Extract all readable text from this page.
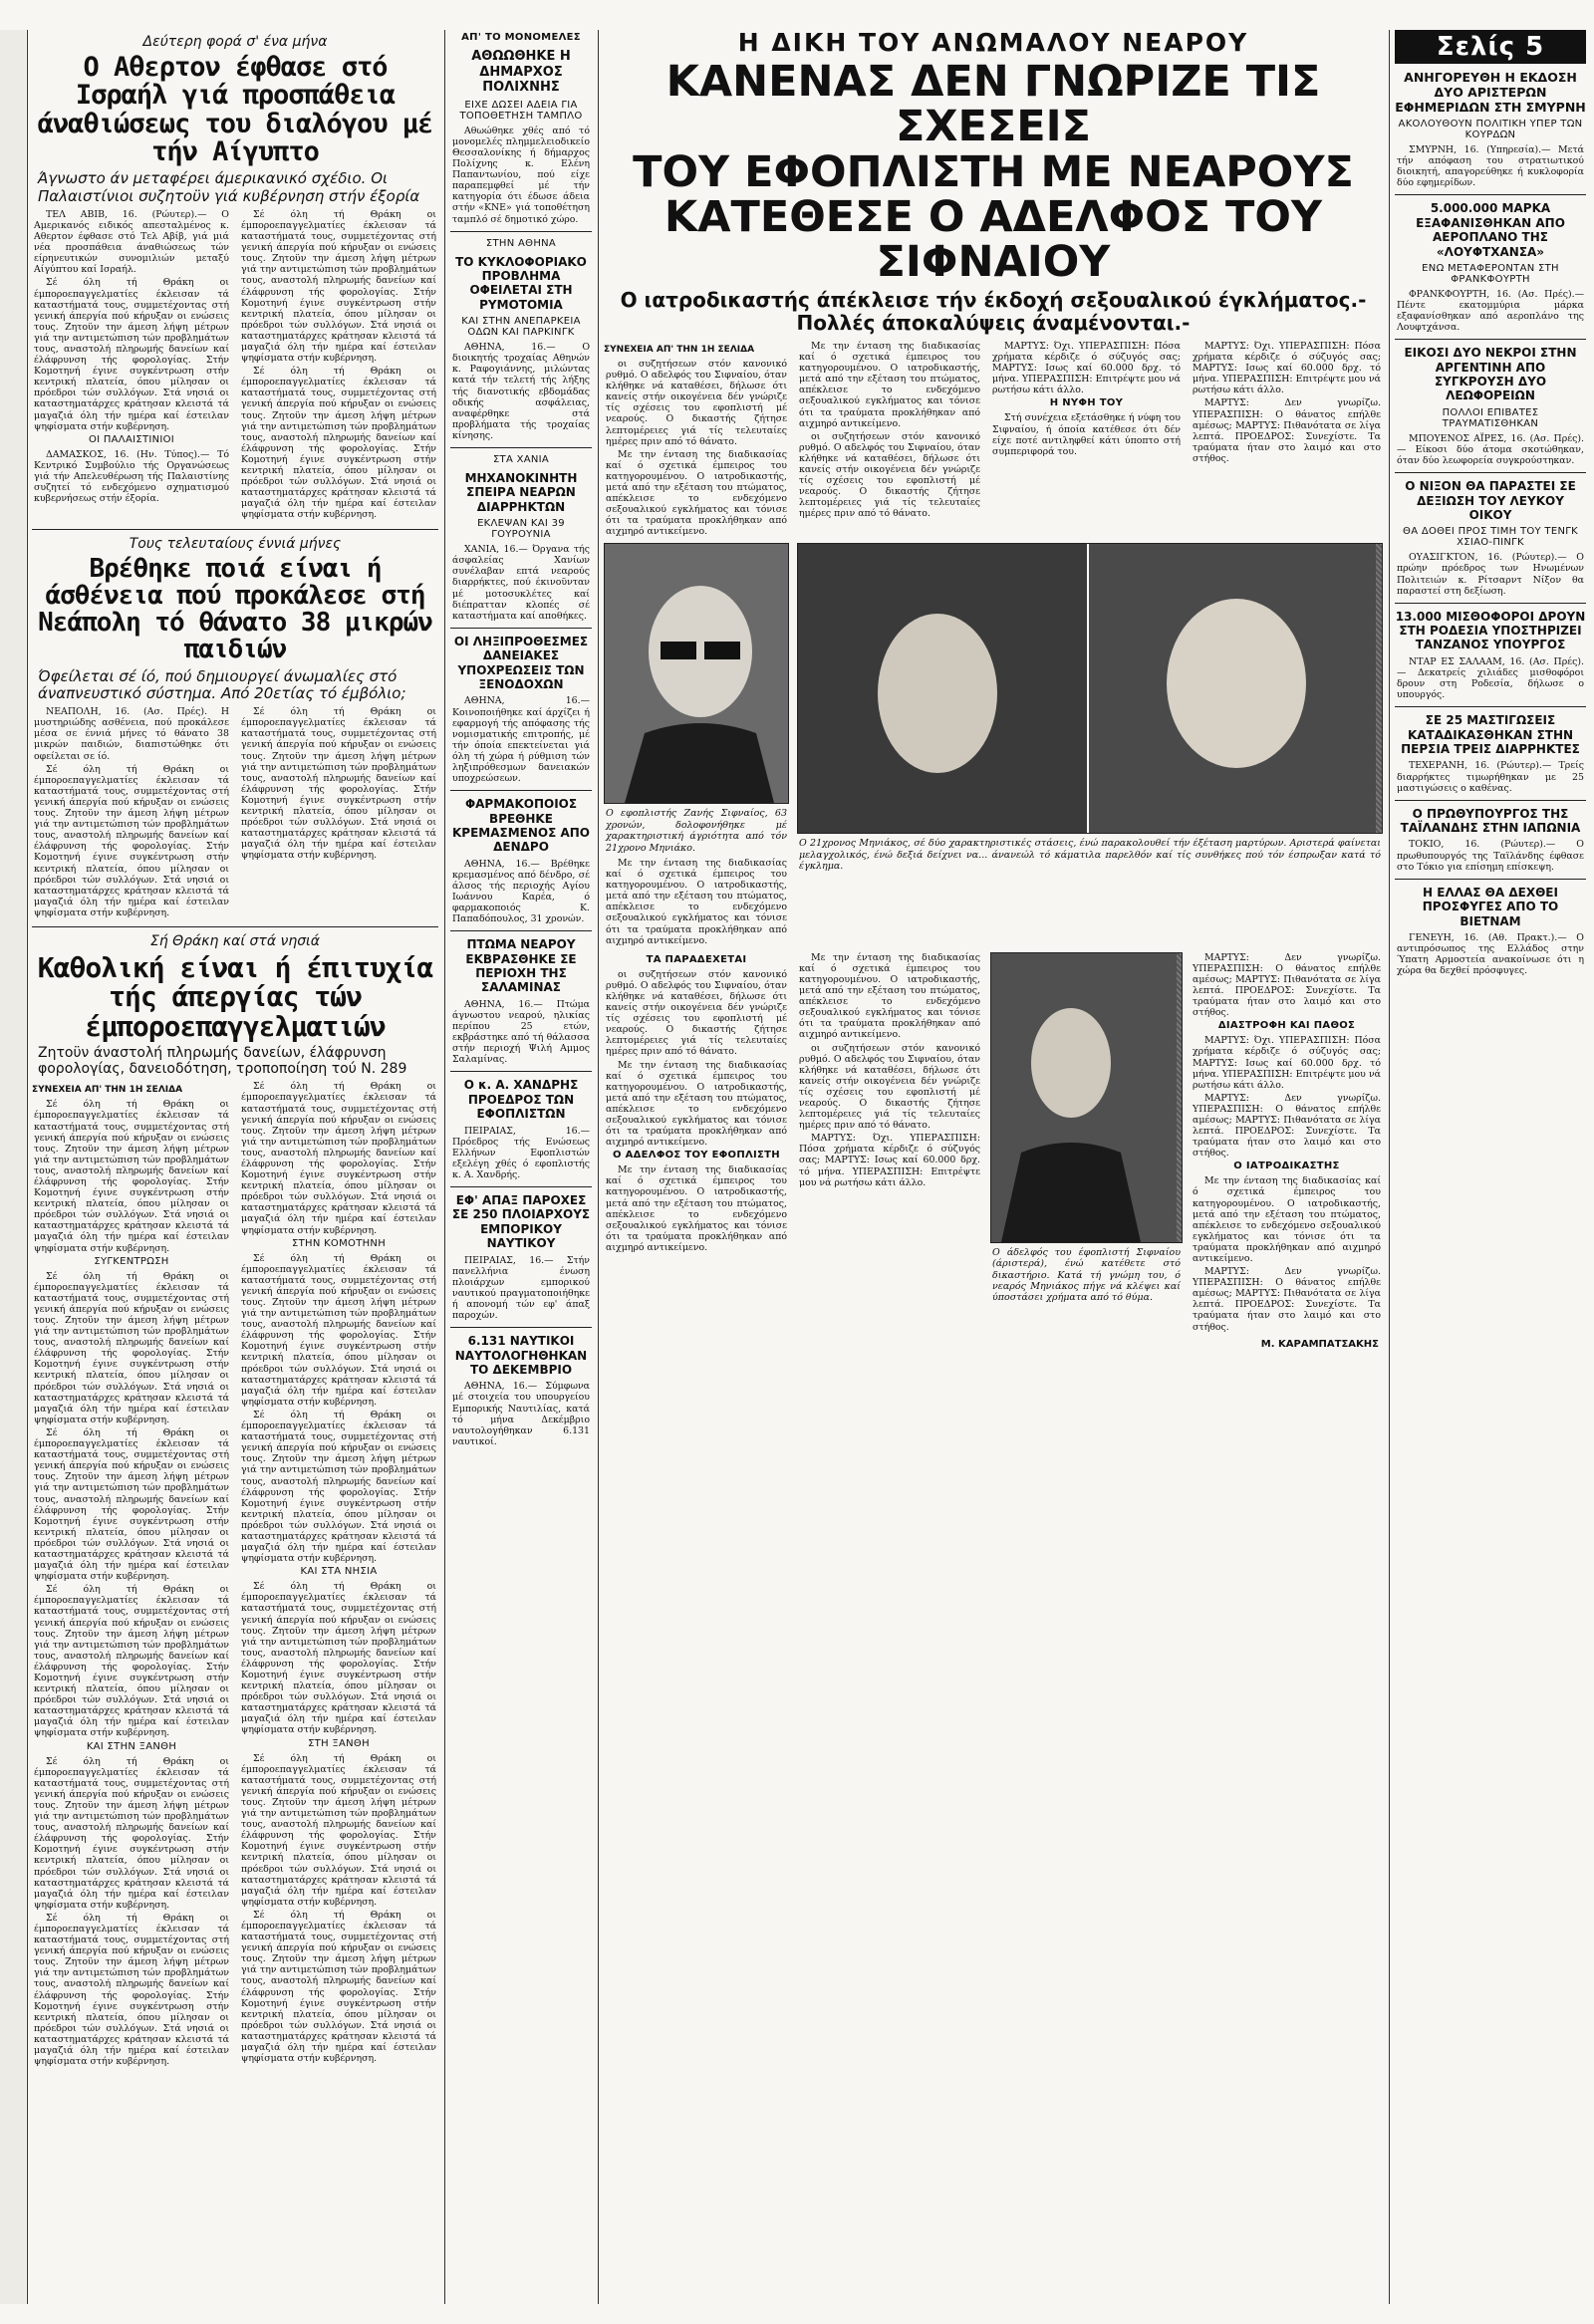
Δεύτερη φορά σ' ένα μήνα
Ο Αθερτον έφθασε στό Ισραήλ γιά προσπάθεια άναθιώσεως του διαλόγου μέ τήν Αίγυπτο
Άγνωστο άν μεταφέρει άμερικανικό σχέδιο. Οι Παλαιστίνιοι συζητοϋν γιά κυβέρνηση στήν έξορία

ΤΕΛ ΑΒΙΒ, 16. (Ρώυτερ).— Ο Αμερικανός ειδικός απεσταλμένος κ. Αθερτον έφθασε στό Τελ Αβίβ, γιά μιά νέα προσπάθεια άναθιώσεως τών είρηνευτικών συνομιλιών μεταξύ Αίγύπτου καί Ισραήλ.

Σέ όλη τή Θράκη οι έμποροεπαγγελματίες έκλεισαν τά καταστήματά τους, συμμετέχοντας στή γενική άπεργία πού κήρυξαν οι ενώσεις τους. Ζητοϋν την άμεση λήψη μέτρων γιά την αντιμετώπιση τών προβλημάτων τους, αναστολή πληρωμής δανείων καί έλάφρυνση τής φορολογίας. Στήν Κομοτηνή έγινε συγκέντρωση στήν κεντρική πλατεία, όπου μίλησαν οι πρόεδροι τών συλλόγων. Στά νησιά οι καταστηματάρχες κράτησαν κλειστά τά μαγαζιά όλη τήν ημέρα καί έστειλαν ψηφίσματα στήν κυβέρνηση.

ΟΙ ΠΑΛΑΙΣΤΙΝΙΟΙ

ΔΑΜΑΣΚΟΣ, 16. (Ην. Τύπος).— Τό Κεντρικό Συμβούλιο τής Οργανώσεως γιά τήν Απελευθέρωση τής Παλαιστίνης συζητεί τό ενδεχόμενο σχηματισμού κυβερνήσεως στήν έξορία.

Σέ όλη τή Θράκη οι έμποροεπαγγελματίες έκλεισαν τά καταστήματά τους, συμμετέχοντας στή γενική άπεργία πού κήρυξαν οι ενώσεις τους. Ζητοϋν την άμεση λήψη μέτρων γιά την αντιμετώπιση τών προβλημάτων τους, αναστολή πληρωμής δανείων καί έλάφρυνση τής φορολογίας. Στήν Κομοτηνή έγινε συγκέντρωση στήν κεντρική πλατεία, όπου μίλησαν οι πρόεδροι τών συλλόγων. Στά νησιά οι καταστηματάρχες κράτησαν κλειστά τά μαγαζιά όλη τήν ημέρα καί έστειλαν ψηφίσματα στήν κυβέρνηση.

Σέ όλη τή Θράκη οι έμποροεπαγγελματίες έκλεισαν τά καταστήματά τους, συμμετέχοντας στή γενική άπεργία πού κήρυξαν οι ενώσεις τους. Ζητοϋν την άμεση λήψη μέτρων γιά την αντιμετώπιση τών προβλημάτων τους, αναστολή πληρωμής δανείων καί έλάφρυνση τής φορολογίας. Στήν Κομοτηνή έγινε συγκέντρωση στήν κεντρική πλατεία, όπου μίλησαν οι πρόεδροι τών συλλόγων. Στά νησιά οι καταστηματάρχες κράτησαν κλειστά τά μαγαζιά όλη τήν ημέρα καί έστειλαν ψηφίσματα στήν κυβέρνηση.

Τους τελευταίους έννιά μήνες
Βρέθηκε ποιά είναι ή άσθένεια πού προκάλεσε στή Νεάπολη τό θάνατο 38 μικρών παιδιών
Όφείλεται σέ ίό, πού δημιουργεί άνωμαλίες στό άναπνευστικό σύστημα. Από 20ετίας τό έμβόλιο;

ΝΕΑΠΟΛΗ, 16. (Ασ. Πρές). Η μυστηριώδης ασθένεια, πού προκάλεσε μέσα σε έννιά μήνες τό θάνατο 38 μικρών παιδιών, διαπιστώθηκε ότι οφείλεται σε ίό.

Σέ όλη τή Θράκη οι έμποροεπαγγελματίες έκλεισαν τά καταστήματά τους, συμμετέχοντας στή γενική άπεργία πού κήρυξαν οι ενώσεις τους. Ζητοϋν την άμεση λήψη μέτρων γιά την αντιμετώπιση τών προβλημάτων τους, αναστολή πληρωμής δανείων καί έλάφρυνση τής φορολογίας. Στήν Κομοτηνή έγινε συγκέντρωση στήν κεντρική πλατεία, όπου μίλησαν οι πρόεδροι τών συλλόγων. Στά νησιά οι καταστηματάρχες κράτησαν κλειστά τά μαγαζιά όλη τήν ημέρα καί έστειλαν ψηφίσματα στήν κυβέρνηση.

Σέ όλη τή Θράκη οι έμποροεπαγγελματίες έκλεισαν τά καταστήματά τους, συμμετέχοντας στή γενική άπεργία πού κήρυξαν οι ενώσεις τους. Ζητοϋν την άμεση λήψη μέτρων γιά την αντιμετώπιση τών προβλημάτων τους, αναστολή πληρωμής δανείων καί έλάφρυνση τής φορολογίας. Στήν Κομοτηνή έγινε συγκέντρωση στήν κεντρική πλατεία, όπου μίλησαν οι πρόεδροι τών συλλόγων. Στά νησιά οι καταστηματάρχες κράτησαν κλειστά τά μαγαζιά όλη τήν ημέρα καί έστειλαν ψηφίσματα στήν κυβέρνηση.

Σή Θράκη καί στά νησιά
Καθολική είναι ή έπιτυχία τής άπεργίας τών έμποροεπαγγελματιών
Ζητοϋν άναστολή πληρωμής δανείων, έλάφρυνση φορολογίας, δανειοδότηση, τροποποίηση τού Ν. 289
ΣΥΝΕΧΕΙΑ ΑΠ' ΤΗΝ 1Η ΣΕΛΙΔΑ

Σέ όλη τή Θράκη οι έμποροεπαγγελματίες έκλεισαν τά καταστήματά τους, συμμετέχοντας στή γενική άπεργία πού κήρυξαν οι ενώσεις τους. Ζητοϋν την άμεση λήψη μέτρων γιά την αντιμετώπιση τών προβλημάτων τους, αναστολή πληρωμής δανείων καί έλάφρυνση τής φορολογίας. Στήν Κομοτηνή έγινε συγκέντρωση στήν κεντρική πλατεία, όπου μίλησαν οι πρόεδροι τών συλλόγων. Στά νησιά οι καταστηματάρχες κράτησαν κλειστά τά μαγαζιά όλη τήν ημέρα καί έστειλαν ψηφίσματα στήν κυβέρνηση.

ΣΥΓΚΕΝΤΡΩΣΗ

Σέ όλη τή Θράκη οι έμποροεπαγγελματίες έκλεισαν τά καταστήματά τους, συμμετέχοντας στή γενική άπεργία πού κήρυξαν οι ενώσεις τους. Ζητοϋν την άμεση λήψη μέτρων γιά την αντιμετώπιση τών προβλημάτων τους, αναστολή πληρωμής δανείων καί έλάφρυνση τής φορολογίας. Στήν Κομοτηνή έγινε συγκέντρωση στήν κεντρική πλατεία, όπου μίλησαν οι πρόεδροι τών συλλόγων. Στά νησιά οι καταστηματάρχες κράτησαν κλειστά τά μαγαζιά όλη τήν ημέρα καί έστειλαν ψηφίσματα στήν κυβέρνηση.

Σέ όλη τή Θράκη οι έμποροεπαγγελματίες έκλεισαν τά καταστήματά τους, συμμετέχοντας στή γενική άπεργία πού κήρυξαν οι ενώσεις τους. Ζητοϋν την άμεση λήψη μέτρων γιά την αντιμετώπιση τών προβλημάτων τους, αναστολή πληρωμής δανείων καί έλάφρυνση τής φορολογίας. Στήν Κομοτηνή έγινε συγκέντρωση στήν κεντρική πλατεία, όπου μίλησαν οι πρόεδροι τών συλλόγων. Στά νησιά οι καταστηματάρχες κράτησαν κλειστά τά μαγαζιά όλη τήν ημέρα καί έστειλαν ψηφίσματα στήν κυβέρνηση.

Σέ όλη τή Θράκη οι έμποροεπαγγελματίες έκλεισαν τά καταστήματά τους, συμμετέχοντας στή γενική άπεργία πού κήρυξαν οι ενώσεις τους. Ζητοϋν την άμεση λήψη μέτρων γιά την αντιμετώπιση τών προβλημάτων τους, αναστολή πληρωμής δανείων καί έλάφρυνση τής φορολογίας. Στήν Κομοτηνή έγινε συγκέντρωση στήν κεντρική πλατεία, όπου μίλησαν οι πρόεδροι τών συλλόγων. Στά νησιά οι καταστηματάρχες κράτησαν κλειστά τά μαγαζιά όλη τήν ημέρα καί έστειλαν ψηφίσματα στήν κυβέρνηση.

ΚΑΙ ΣΤΗΝ ΞΑΝΘΗ

Σέ όλη τή Θράκη οι έμποροεπαγγελματίες έκλεισαν τά καταστήματά τους, συμμετέχοντας στή γενική άπεργία πού κήρυξαν οι ενώσεις τους. Ζητοϋν την άμεση λήψη μέτρων γιά την αντιμετώπιση τών προβλημάτων τους, αναστολή πληρωμής δανείων καί έλάφρυνση τής φορολογίας. Στήν Κομοτηνή έγινε συγκέντρωση στήν κεντρική πλατεία, όπου μίλησαν οι πρόεδροι τών συλλόγων. Στά νησιά οι καταστηματάρχες κράτησαν κλειστά τά μαγαζιά όλη τήν ημέρα καί έστειλαν ψηφίσματα στήν κυβέρνηση.

Σέ όλη τή Θράκη οι έμποροεπαγγελματίες έκλεισαν τά καταστήματά τους, συμμετέχοντας στή γενική άπεργία πού κήρυξαν οι ενώσεις τους. Ζητοϋν την άμεση λήψη μέτρων γιά την αντιμετώπιση τών προβλημάτων τους, αναστολή πληρωμής δανείων καί έλάφρυνση τής φορολογίας. Στήν Κομοτηνή έγινε συγκέντρωση στήν κεντρική πλατεία, όπου μίλησαν οι πρόεδροι τών συλλόγων. Στά νησιά οι καταστηματάρχες κράτησαν κλειστά τά μαγαζιά όλη τήν ημέρα καί έστειλαν ψηφίσματα στήν κυβέρνηση.

Σέ όλη τή Θράκη οι έμποροεπαγγελματίες έκλεισαν τά καταστήματά τους, συμμετέχοντας στή γενική άπεργία πού κήρυξαν οι ενώσεις τους. Ζητοϋν την άμεση λήψη μέτρων γιά την αντιμετώπιση τών προβλημάτων τους, αναστολή πληρωμής δανείων καί έλάφρυνση τής φορολογίας. Στήν Κομοτηνή έγινε συγκέντρωση στήν κεντρική πλατεία, όπου μίλησαν οι πρόεδροι τών συλλόγων. Στά νησιά οι καταστηματάρχες κράτησαν κλειστά τά μαγαζιά όλη τήν ημέρα καί έστειλαν ψηφίσματα στήν κυβέρνηση.

ΣΤΗΝ ΚΟΜΟΤΗΝΗ

Σέ όλη τή Θράκη οι έμποροεπαγγελματίες έκλεισαν τά καταστήματά τους, συμμετέχοντας στή γενική άπεργία πού κήρυξαν οι ενώσεις τους. Ζητοϋν την άμεση λήψη μέτρων γιά την αντιμετώπιση τών προβλημάτων τους, αναστολή πληρωμής δανείων καί έλάφρυνση τής φορολογίας. Στήν Κομοτηνή έγινε συγκέντρωση στήν κεντρική πλατεία, όπου μίλησαν οι πρόεδροι τών συλλόγων. Στά νησιά οι καταστηματάρχες κράτησαν κλειστά τά μαγαζιά όλη τήν ημέρα καί έστειλαν ψηφίσματα στήν κυβέρνηση.

Σέ όλη τή Θράκη οι έμποροεπαγγελματίες έκλεισαν τά καταστήματά τους, συμμετέχοντας στή γενική άπεργία πού κήρυξαν οι ενώσεις τους. Ζητοϋν την άμεση λήψη μέτρων γιά την αντιμετώπιση τών προβλημάτων τους, αναστολή πληρωμής δανείων καί έλάφρυνση τής φορολογίας. Στήν Κομοτηνή έγινε συγκέντρωση στήν κεντρική πλατεία, όπου μίλησαν οι πρόεδροι τών συλλόγων. Στά νησιά οι καταστηματάρχες κράτησαν κλειστά τά μαγαζιά όλη τήν ημέρα καί έστειλαν ψηφίσματα στήν κυβέρνηση.

ΚΑΙ ΣΤΑ ΝΗΣΙΑ

Σέ όλη τή Θράκη οι έμποροεπαγγελματίες έκλεισαν τά καταστήματά τους, συμμετέχοντας στή γενική άπεργία πού κήρυξαν οι ενώσεις τους. Ζητοϋν την άμεση λήψη μέτρων γιά την αντιμετώπιση τών προβλημάτων τους, αναστολή πληρωμής δανείων καί έλάφρυνση τής φορολογίας. Στήν Κομοτηνή έγινε συγκέντρωση στήν κεντρική πλατεία, όπου μίλησαν οι πρόεδροι τών συλλόγων. Στά νησιά οι καταστηματάρχες κράτησαν κλειστά τά μαγαζιά όλη τήν ημέρα καί έστειλαν ψηφίσματα στήν κυβέρνηση.

ΣΤΗ ΞΑΝΘΗ

Σέ όλη τή Θράκη οι έμποροεπαγγελματίες έκλεισαν τά καταστήματά τους, συμμετέχοντας στή γενική άπεργία πού κήρυξαν οι ενώσεις τους. Ζητοϋν την άμεση λήψη μέτρων γιά την αντιμετώπιση τών προβλημάτων τους, αναστολή πληρωμής δανείων καί έλάφρυνση τής φορολογίας. Στήν Κομοτηνή έγινε συγκέντρωση στήν κεντρική πλατεία, όπου μίλησαν οι πρόεδροι τών συλλόγων. Στά νησιά οι καταστηματάρχες κράτησαν κλειστά τά μαγαζιά όλη τήν ημέρα καί έστειλαν ψηφίσματα στήν κυβέρνηση.

Σέ όλη τή Θράκη οι έμποροεπαγγελματίες έκλεισαν τά καταστήματά τους, συμμετέχοντας στή γενική άπεργία πού κήρυξαν οι ενώσεις τους. Ζητοϋν την άμεση λήψη μέτρων γιά την αντιμετώπιση τών προβλημάτων τους, αναστολή πληρωμής δανείων καί έλάφρυνση τής φορολογίας. Στήν Κομοτηνή έγινε συγκέντρωση στήν κεντρική πλατεία, όπου μίλησαν οι πρόεδροι τών συλλόγων. Στά νησιά οι καταστηματάρχες κράτησαν κλειστά τά μαγαζιά όλη τήν ημέρα καί έστειλαν ψηφίσματα στήν κυβέρνηση.

ΑΠ' ΤΟ ΜΟΝΟΜΕΛΕΣ
ΑΘΩΩΘΗΚΕ Η ΔΗΜΑΡΧΟΣ ΠΟΛΙΧΝΗΣ
ΕΙΧΕ ΔΩΣΕΙ ΑΔΕΙΑ ΓΙΑ ΤΟΠΟΘΕΤΗΣΗ ΤΑΜΠΛΟ

Αθωώθηκε χθές από τό μονομελές πλημμελειοδικείο Θεσσαλονίκης ή δήμαρχος Πολίχνης κ. Ελένη Παπαντωνίου, πού είχε παραπεμφθεί μέ τήν κατηγορία ότι έδωσε άδεια στήν «ΚΝΕ» γιά τοποθέτηση ταμπλό σέ δημοτικό χώρο.

ΣΤΗΝ ΑΘΗΝΑ
ΤΟ ΚΥΚΛΟΦΟΡΙΑΚΟ ΠΡΟΒΛΗΜΑ ΟΦΕΙΛΕΤΑΙ ΣΤΗ ΡΥΜΟΤΟΜΙΑ
ΚΑΙ ΣΤΗΝ ΑΝΕΠΑΡΚΕΙΑ ΟΔΩΝ ΚΑΙ ΠΑΡΚΙΝΓΚ

ΑΘΗΝΑ, 16.— Ο διοικητής τροχαίας Αθηνών κ. Ραφογιάννης, μιλώντας κατά τήν τελετή τής λήξης τής διανοτικής εβδομάδας οδικής ασφάλειας, αναφέρθηκε στά προβλήματα τής τροχαίας κίνησης.

ΣΤΑ ΧΑΝΙΑ
ΜΗΧΑΝΟΚΙΝΗΤΗ ΣΠΕΙΡΑ ΝΕΑΡΩΝ ΔΙΑΡΡΗΚΤΩΝ
ΕΚΛΕΨΑΝ ΚΑΙ 39 ΓΟΥΡΟΥΝΙΑ

ΧΑΝΙΑ, 16.— Όργανα τής άσφαλείας Χανίων συνέλαβαν επτά νεαρούς διαρρήκτες, πού έκινοϋνταν μέ μοτοσυκλέτες καί διέπρατταν κλοπές σέ καταστήματα καί αποθήκες.

ΟΙ ΛΗΞΙΠΡΟΘΕΣΜΕΣ ΔΑΝΕΙΑΚΕΣ ΥΠΟΧΡΕΩΣΕΙΣ ΤΩΝ ΞΕΝΟΔΟΧΩΝ

ΑΘΗΝΑ, 16.— Κοινοποιήθηκε καί άρχίζει ή εφαρμογή τής απόφασης τής νομισματικής επιτροπής, μέ τήν όποία επεκτείνεται γιά όλη τή χώρα ή ρύθμιση τών ληξιπρόθεσμων δανειακών υποχρεώσεων.

ΦΑΡΜΑΚΟΠΟΙΟΣ ΒΡΕΘΗΚΕ ΚΡΕΜΑΣΜΕΝΟΣ ΑΠΟ ΔΕΝΔΡΟ

ΑΘΗΝΑ, 16.— Βρέθηκε κρεμασμένος από δένδρο, σέ άλσος τής περιοχής Αγίου Ιωάννου Καρέα, ό φαρμακοποιός Κ. Παπαδόπουλος, 31 χρονών.

ΠΤΩΜΑ ΝΕΑΡΟΥ ΕΚΒΡΑΣΘΗΚΕ ΣΕ ΠΕΡΙΟΧΗ ΤΗΣ ΣΑΛΑΜΙΝΑΣ

ΑΘΗΝΑ, 16.— Πτώμα άγνωστου νεαρού, ηλικίας περίπου 25 ετών, εκβράστηκε από τή θάλασσα στήν περιοχή Ψιλή Αμμος Σαλαμίνας.

Ο κ. Α. ΧΑΝΔΡΗΣ ΠΡΟΕΔΡΟΣ ΤΩΝ ΕΦΟΠΛΙΣΤΩΝ

ΠΕΙΡΑΙΑΣ, 16.— Πρόεδρος τής Ενώσεως Ελλήνων Εφοπλιστών εξελέγη χθές ό εφοπλιστής κ. Α. Χανδρής.

ΕΦ' ΑΠΑΞ ΠΑΡΟΧΕΣ ΣΕ 250 ΠΛΟΙΑΡΧΟΥΣ ΕΜΠΟΡΙΚΟΥ ΝΑΥΤΙΚΟΥ

ΠΕΙΡΑΙΑΣ, 16.— Στήν πανελλήνια ένωση πλοιάρχων εμπορικού ναυτικού πραγματοποιήθηκε ή απονομή τών εφ' άπαξ παροχών.

6.131 ΝΑΥΤΙΚΟΙ ΝΑΥΤΟΛΟΓΗΘΗΚΑΝ ΤΟ ΔΕΚΕΜΒΡΙΟ

ΑΘΗΝΑ, 16.— Σύμφωνα μέ στοιχεία του υπουργείου Εμπορικής Ναυτιλίας, κατά τό μήνα Δεκέμβριο ναυτολογήθηκαν 6.131 ναυτικοί.

Η ΔΙΚΗ ΤΟΥ ΑΝΩΜΑΛΟΥ ΝΕΑΡΟΥ
ΚΑΝΕΝΑΣ ΔΕΝ ΓΝΩΡΙΖΕ ΤΙΣ ΣΧΕΣΕΙΣ
ΤΟΥ ΕΦΟΠΛΙΣΤΗ ΜΕ ΝΕΑΡΟΥΣ
ΚΑΤΕΘΕΣΕ Ο ΑΔΕΛΦΟΣ ΤΟΥ ΣΙΦΝΑΙΟΥ
Ο ιατροδικαστής άπέκλεισε τήν έκδοχή σεξουαλικού έγκλήματος.- Πολλές άποκαλύψεις άναμένονται.-
ΣΥΝΕΧΕΙΑ ΑΠ' ΤΗΝ 1Η ΣΕΛΙΔΑ

οι συζητήσεων στόν κανονικό ρυθμό. Ο αδελφός του Σιφναίου, όταν κλήθηκε νά καταθέσει, δήλωσε ότι κανείς στήν οικογένεια δέν γνώριζε τίς σχέσεις του εφοπλιστή μέ νεαρούς. Ο δικαστής ζήτησε λεπτομέρειες γιά τίς τελευταίες ημέρες πριν από τό θάνατο.

Με την ένταση της διαδικασίας καί ό σχετικά έμπειρος του κατηγορουμένου. Ο ιατροδικαστής, μετά από την εξέταση του πτώματος, απέκλεισε το ενδεχόμενο σεξουαλικού εγκλήματος και τόνισε ότι τα τραύματα προκλήθηκαν από αιχμηρό αντικείμενο.

Με την ένταση της διαδικασίας καί ό σχετικά έμπειρος του κατηγορουμένου. Ο ιατροδικαστής, μετά από την εξέταση του πτώματος, απέκλεισε το ενδεχόμενο σεξουαλικού εγκλήματος και τόνισε ότι τα τραύματα προκλήθηκαν από αιχμηρό αντικείμενο.

οι συζητήσεων στόν κανονικό ρυθμό. Ο αδελφός του Σιφναίου, όταν κλήθηκε νά καταθέσει, δήλωσε ότι κανείς στήν οικογένεια δέν γνώριζε τίς σχέσεις του εφοπλιστή μέ νεαρούς. Ο δικαστής ζήτησε λεπτομέρειες γιά τίς τελευταίες ημέρες πριν από τό θάνατο.

ΜΑΡΤΥΣ: Όχι. ΥΠΕΡΑΣΠΙΣΗ: Πόσα χρήματα κέρδιζε ό σύζυγός σας; ΜΑΡΤΥΣ: Ισως καί 60.000 δρχ. τό μήνα. ΥΠΕΡΑΣΠΙΣΗ: Επιτρέψτε μου νά ρωτήσω κάτι άλλο.

Η ΝΥΦΗ ΤΟΥ

Στή συνέχεια εξετάσθηκε ή νύφη του Σιφναίου, ή όποία κατέθεσε ότι δέν είχε ποτέ αντιληφθεί κάτι ύποπτο στή συμπεριφορά του.

ΜΑΡΤΥΣ: Όχι. ΥΠΕΡΑΣΠΙΣΗ: Πόσα χρήματα κέρδιζε ό σύζυγός σας; ΜΑΡΤΥΣ: Ισως καί 60.000 δρχ. τό μήνα. ΥΠΕΡΑΣΠΙΣΗ: Επιτρέψτε μου νά ρωτήσω κάτι άλλο.

ΜΑΡΤΥΣ: Δεν γνωρίζω. ΥΠΕΡΑΣΠΙΣΗ: Ο θάνατος επήλθε αμέσως; ΜΑΡΤΥΣ: Πιθανότατα σε λίγα λεπτά. ΠΡΟΕΔΡΟΣ: Συνεχίστε. Τα τραύματα ήταν στο λαιμό και στο στήθος.

Ο εφοπλιστής Ζανής Σιφναίος, 63 χρονών, δολοφονήθηκε μέ χαρακτηριστική άγριότητα από τόν 21χρονο Μηνιάκο.

Με την ένταση της διαδικασίας καί ό σχετικά έμπειρος του κατηγορουμένου. Ο ιατροδικαστής, μετά από την εξέταση του πτώματος, απέκλεισε το ενδεχόμενο σεξουαλικού εγκλήματος και τόνισε ότι τα τραύματα προκλήθηκαν από αιχμηρό αντικείμενο.

Ο 21χρονος Μηνιάκος, σέ δύο χαρακτηριστικές στάσεις, ένώ παρακολουθεί τήν έξέταση μαρτύρων. Αριστερά φαίνεται μελαγχολικός, ένώ δεξιά δείχνει να... άνανεώλ τό κάματιλα παρελθόν καί τίς συνθήκες πού τόν έσπρωξαν κατά τό έγκλημα.
ΤΑ ΠΑΡΑΔΕΧΕΤΑΙ

οι συζητήσεων στόν κανονικό ρυθμό. Ο αδελφός του Σιφναίου, όταν κλήθηκε νά καταθέσει, δήλωσε ότι κανείς στήν οικογένεια δέν γνώριζε τίς σχέσεις του εφοπλιστή μέ νεαρούς. Ο δικαστής ζήτησε λεπτομέρειες γιά τίς τελευταίες ημέρες πριν από τό θάνατο.

Με την ένταση της διαδικασίας καί ό σχετικά έμπειρος του κατηγορουμένου. Ο ιατροδικαστής, μετά από την εξέταση του πτώματος, απέκλεισε το ενδεχόμενο σεξουαλικού εγκλήματος και τόνισε ότι τα τραύματα προκλήθηκαν από αιχμηρό αντικείμενο.

Ο ΑΔΕΛΦΟΣ ΤΟΥ ΕΦΟΠΛΙΣΤΗ

Με την ένταση της διαδικασίας καί ό σχετικά έμπειρος του κατηγορουμένου. Ο ιατροδικαστής, μετά από την εξέταση του πτώματος, απέκλεισε το ενδεχόμενο σεξουαλικού εγκλήματος και τόνισε ότι τα τραύματα προκλήθηκαν από αιχμηρό αντικείμενο.

Με την ένταση της διαδικασίας καί ό σχετικά έμπειρος του κατηγορουμένου. Ο ιατροδικαστής, μετά από την εξέταση του πτώματος, απέκλεισε το ενδεχόμενο σεξουαλικού εγκλήματος και τόνισε ότι τα τραύματα προκλήθηκαν από αιχμηρό αντικείμενο.

οι συζητήσεων στόν κανονικό ρυθμό. Ο αδελφός του Σιφναίου, όταν κλήθηκε νά καταθέσει, δήλωσε ότι κανείς στήν οικογένεια δέν γνώριζε τίς σχέσεις του εφοπλιστή μέ νεαρούς. Ο δικαστής ζήτησε λεπτομέρειες γιά τίς τελευταίες ημέρες πριν από τό θάνατο.

ΜΑΡΤΥΣ: Όχι. ΥΠΕΡΑΣΠΙΣΗ: Πόσα χρήματα κέρδιζε ό σύζυγός σας; ΜΑΡΤΥΣ: Ισως καί 60.000 δρχ. τό μήνα. ΥΠΕΡΑΣΠΙΣΗ: Επιτρέψτε μου νά ρωτήσω κάτι άλλο.

Ο άδελφός του έφοπλιστή Σιφναίου (άριστερά), ένώ κατέθετε στό δικαστήριο. Κατά τή γνώμη του, ό νεαρός Μηνιάκος πήγε νά κλέψει καί ύποστάσει χρήματα από τό θύμα.

ΜΑΡΤΥΣ: Δεν γνωρίζω. ΥΠΕΡΑΣΠΙΣΗ: Ο θάνατος επήλθε αμέσως; ΜΑΡΤΥΣ: Πιθανότατα σε λίγα λεπτά. ΠΡΟΕΔΡΟΣ: Συνεχίστε. Τα τραύματα ήταν στο λαιμό και στο στήθος.

ΔΙΑΣΤΡΟΦΗ ΚΑΙ ΠΑΘΟΣ

ΜΑΡΤΥΣ: Όχι. ΥΠΕΡΑΣΠΙΣΗ: Πόσα χρήματα κέρδιζε ό σύζυγός σας; ΜΑΡΤΥΣ: Ισως καί 60.000 δρχ. τό μήνα. ΥΠΕΡΑΣΠΙΣΗ: Επιτρέψτε μου νά ρωτήσω κάτι άλλο.

ΜΑΡΤΥΣ: Δεν γνωρίζω. ΥΠΕΡΑΣΠΙΣΗ: Ο θάνατος επήλθε αμέσως; ΜΑΡΤΥΣ: Πιθανότατα σε λίγα λεπτά. ΠΡΟΕΔΡΟΣ: Συνεχίστε. Τα τραύματα ήταν στο λαιμό και στο στήθος.

Ο ΙΑΤΡΟΔΙΚΑΣΤΗΣ

Με την ένταση της διαδικασίας καί ό σχετικά έμπειρος του κατηγορουμένου. Ο ιατροδικαστής, μετά από την εξέταση του πτώματος, απέκλεισε το ενδεχόμενο σεξουαλικού εγκλήματος και τόνισε ότι τα τραύματα προκλήθηκαν από αιχμηρό αντικείμενο.

ΜΑΡΤΥΣ: Δεν γνωρίζω. ΥΠΕΡΑΣΠΙΣΗ: Ο θάνατος επήλθε αμέσως; ΜΑΡΤΥΣ: Πιθανότατα σε λίγα λεπτά. ΠΡΟΕΔΡΟΣ: Συνεχίστε. Τα τραύματα ήταν στο λαιμό και στο στήθος.

Μ. ΚΑΡΑΜΠΑΤΣΑΚΗΣ
Σελίς 5
ΑΝΗΓΟΡΕΥΘΗ Η ΕΚΔΟΣΗ ΔΥΟ ΑΡΙΣΤΕΡΩΝ ΕΦΗΜΕΡΙΔΩΝ ΣΤΗ ΣΜΥΡΝΗ
ΑΚΟΛΟΥΘΟΥΝ ΠΟΛΙΤΙΚΗ ΥΠΕΡ ΤΩΝ ΚΟΥΡΔΩΝ

ΣΜΥΡΝΗ, 16. (Υπηρεσία).— Μετά τήν απόφαση του στρατιωτικού διοικητή, απαγορεύθηκε ή κυκλοφορία δύο εφημερίδων.

5.000.000 ΜΑΡΚΑ ΕΞΑΦΑΝΙΣΘΗΚΑΝ ΑΠΟ ΑΕΡΟΠΛΑΝΟ ΤΗΣ «ΛΟΥΦΤΧΑΝΣΑ»
ΕΝΩ ΜΕΤΑΦΕΡΟΝΤΑΝ ΣΤΗ ΦΡΑΝΚΦΟΥΡΤΗ

ΦΡΑΝΚΦΟΥΡΤΗ, 16. (Ασ. Πρές).— Πέντε εκατομμύρια μάρκα εξαφανίσθηκαν από αεροπλάνο της Λουφτχάνσα.

ΕΙΚΟΣΙ ΔΥΟ ΝΕΚΡΟΙ ΣΤΗΝ ΑΡΓΕΝΤΙΝΗ ΑΠΟ ΣΥΓΚΡΟΥΣΗ ΔΥΟ ΛΕΩΦΟΡΕΙΩΝ
ΠΟΛΛΟΙ ΕΠΙΒΑΤΕΣ ΤΡΑΥΜΑΤΙΣΘΗΚΑΝ

ΜΠΟΥΕΝΟΣ ΑΪΡΕΣ, 16. (Ασ. Πρές).— Είκοσι δύο άτομα σκοτώθηκαν, όταν δύο λεωφορεία συγκρούστηκαν.

Ο ΝΙΞΟΝ ΘΑ ΠΑΡΑΣΤΕΙ ΣΕ ΔΕΞΙΩΣΗ ΤΟΥ ΛΕΥΚΟΥ ΟΙΚΟΥ
ΘΑ ΔΟΘΕΙ ΠΡΟΣ ΤΙΜΗ ΤΟΥ ΤΕΝΓΚ ΧΣΙΑΟ-ΠΙΝΓΚ

ΟΥΑΣΙΓΚΤΟΝ, 16. (Ρώυτερ).— Ο πρώην πρόεδρος των Ηνωμένων Πολιτειών κ. Ρίτσαρντ Νίξον θα παραστεί στη δεξίωση.

13.000 ΜΙΣΘΟΦΟΡΟΙ ΔΡΟΥΝ ΣΤΗ ΡΟΔΕΣΙΑ ΥΠΟΣΤΗΡΙΖΕΙ ΤΑΝΖΑΝΟΣ ΥΠΟΥΡΓΟΣ

ΝΤΑΡ ΕΣ ΣΑΛΑΑΜ, 16. (Ασ. Πρές).— Δεκατρείς χιλιάδες μισθοφόροι δρουν στη Ροδεσία, δήλωσε ο υπουργός.

ΣΕ 25 ΜΑΣΤΙΓΩΣΕΙΣ ΚΑΤΑΔΙΚΑΣΘΗΚΑΝ ΣΤΗΝ ΠΕΡΣΙΑ ΤΡΕΙΣ ΔΙΑΡΡΗΚΤΕΣ

ΤΕΧΕΡΑΝΗ, 16. (Ρώυτερ).— Τρείς διαρρήκτες τιμωρήθηκαν με 25 μαστιγώσεις ο καθένας.

Ο ΠΡΩΘΥΠΟΥΡΓΟΣ ΤΗΣ ΤΑΪΛΑΝΔΗΣ ΣΤΗΝ ΙΑΠΩΝΙΑ

ΤΟΚΙΟ, 16. (Ρώυτερ).— Ο πρωθυπουργός της Ταϊλάνδης έφθασε στο Τόκιο για επίσημη επίσκεψη.

Η ΕΛΛΑΣ ΘΑ ΔΕΧΘΕΙ ΠΡΟΣΦΥΓΕΣ ΑΠΟ ΤΟ ΒΙΕΤΝΑΜ

ΓΕΝΕΥΗ, 16. (Αθ. Πρακτ.).— Ο αντιπρόσωπος της Ελλάδος στην Ύπατη Αρμοστεία ανακοίνωσε ότι η χώρα θα δεχθεί πρόσφυγες.
